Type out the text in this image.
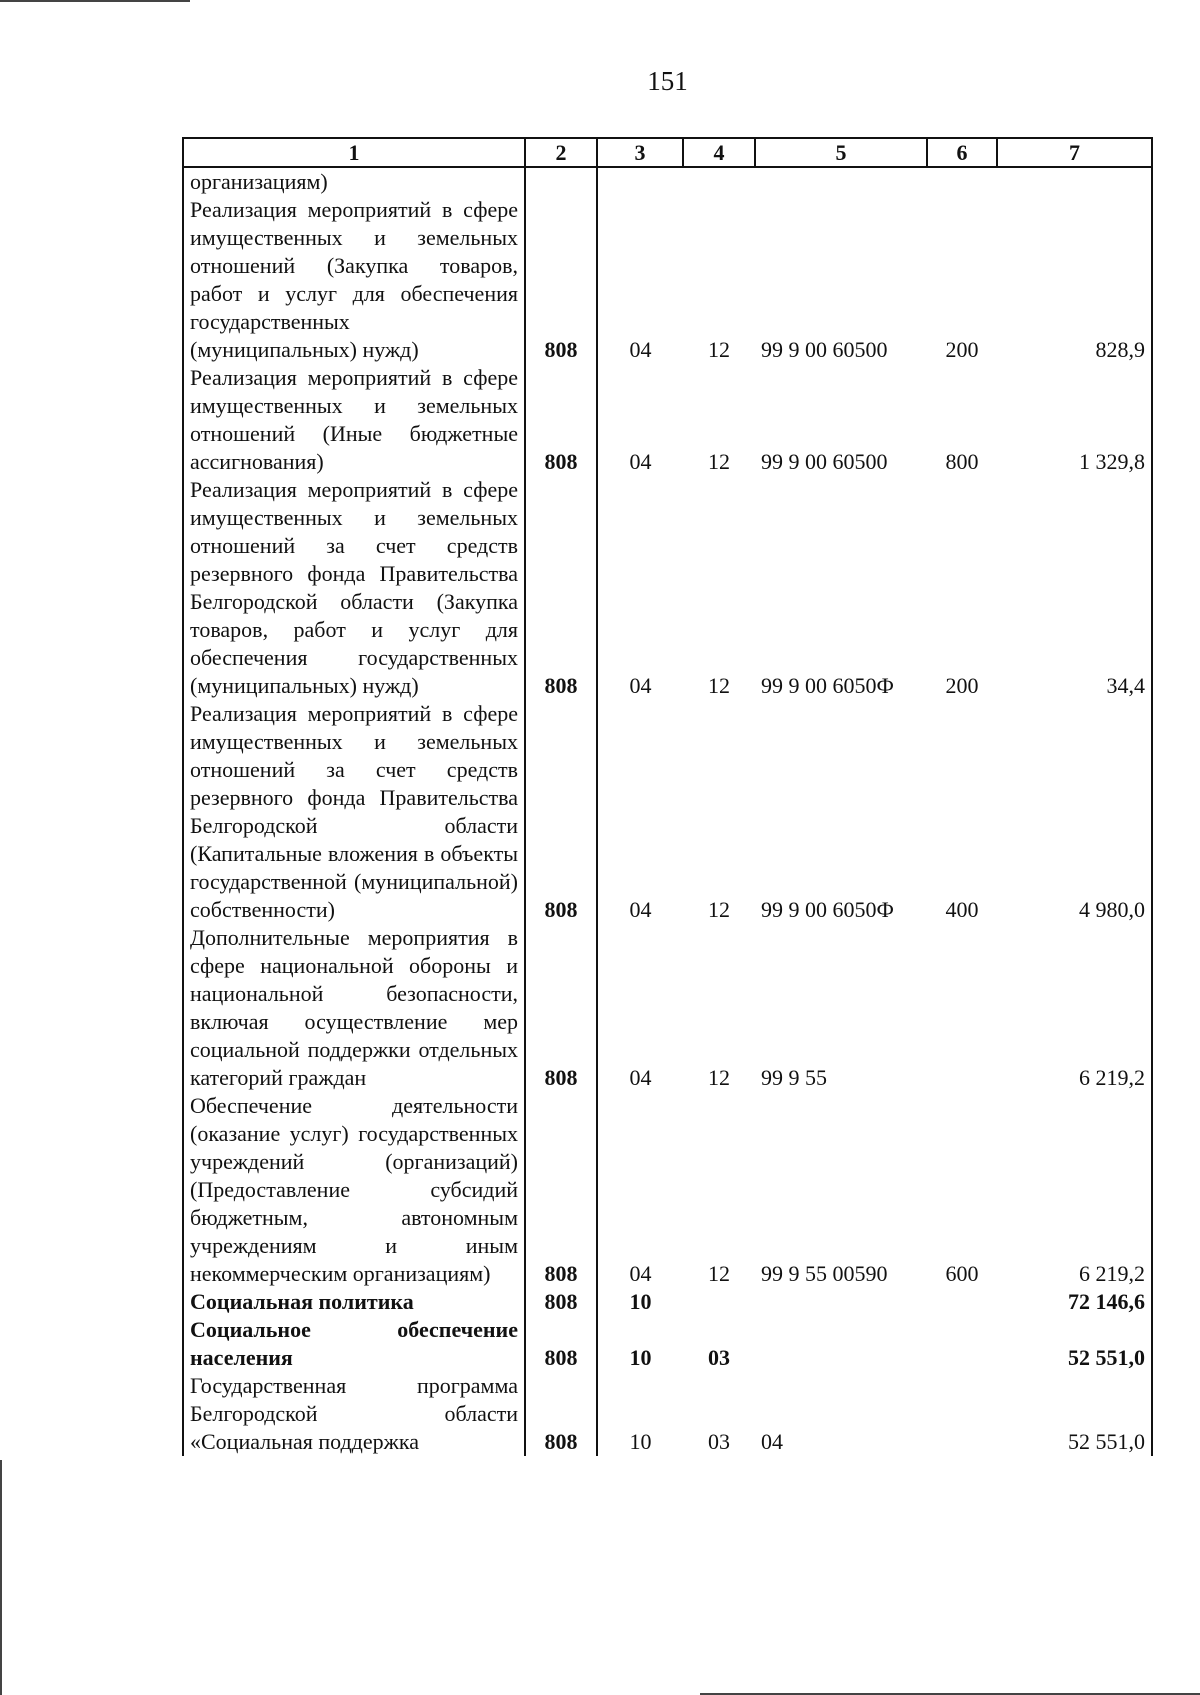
151
1	2	3	4	5	6	7
организациям)						
Реализация мероприятий в сфере имущественных и земельных отношений (Закупка товаров, работ и услуг для обеспечения государственных (муниципальных) нужд)	808	04	12	99 9 00 60500	200	828,9
Реализация мероприятий в сфере имущественных и земельных отношений (Иные бюджетные ассигнования)	808	04	12	99 9 00 60500	800	1 329,8
Реализация мероприятий в сфере имущественных и земельных отношений за счет средств резервного фонда Правительства Белгородской области (Закупка товаров, работ и услуг для обеспечения государственных (муниципальных) нужд)	808	04	12	99 9 00 6050Ф	200	34,4
Реализация мероприятий в сфере имущественных и земельных отношений за счет средств резервного фонда Правительства Белгородской области (Капитальные вложения в объекты государственной (муниципальной) собственности)	808	04	12	99 9 00 6050Ф	400	4 980,0
Дополнительные мероприятия в сфере национальной обороны и национальной безопасности, включая осуществление мер социальной поддержки отдельных категорий граждан	808	04	12	99 9 55		6 219,2
Обеспечение деятельности (оказание услуг) государственных учреждений (организаций) (Предоставление субсидий бюджетным, автономным учреждениям и иным некоммерческим организациям)	808	04	12	99 9 55 00590	600	6 219,2
Социальная политика	808	10				72 146,6
Социальное обеспечение населения	808	10	03			52 551,0
Государственная программа Белгородской области «Социальная поддержка	808	10	03	04		52 551,0
